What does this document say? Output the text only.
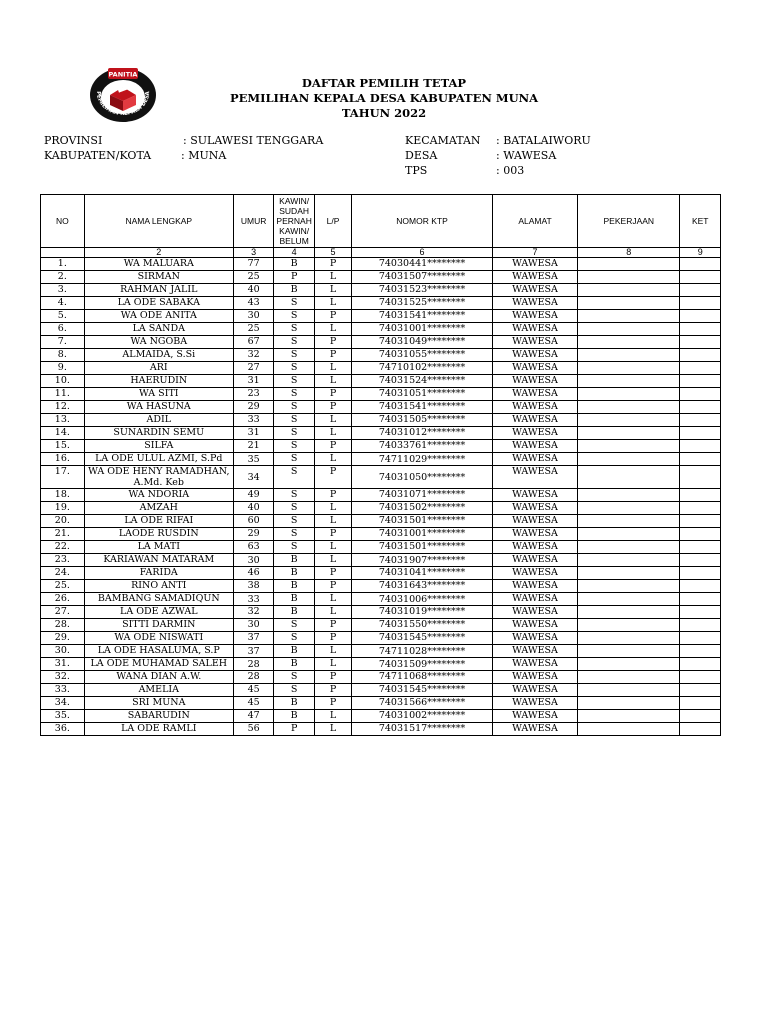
PANITIA
PEMILIHAN KEPALA DESA
DAFTAR PEMILIH TETAP
PEMILIHAN KEPALA DESA KABUPATEN MUNA
TAHUN 2022
PROVINSI	: SULAWESI TENGGARA
KABUPATEN/KOTA	: MUNA
KECAMATAN : BATALAIWORU
DESA	: WAWESA
TPS	: 003
NO	NAMA LENGKAP	UMUR	KAWIN/ SUDAH PERNAH KAWIN/ BELUM	L/P	NOMOR KTP	ALAMAT	PEKERJAAN	KET
	2	3	4	5	6	7	8	9
1.	WA MALUARA	77	B	P	74030441********	WAWESA		
2.	SIRMAN	25	P	L	74031507********	WAWESA		
3.	RAHMAN JALIL	40	B	L	74031523********	WAWESA		
4.	LA ODE SABAKA	43	S	L	74031525********	WAWESA		
5.	WA ODE ANITA	30	S	P	74031541********	WAWESA		
6.	LA SANDA	25	S	L	74031001********	WAWESA		
7.	WA NGOBA	67	S	P	74031049********	WAWESA		
8.	ALMAIDA, S.Si	32	S	P	74031055********	WAWESA		
9.	ARI	27	S	L	74710102********	WAWESA		
10.	HAERUDIN	31	S	L	74031524********	WAWESA		
11.	WA SITI	23	S	P	74031051********	WAWESA		
12.	WA HASUNA	29	S	P	74031541********	WAWESA		
13.	ADIL	33	S	L	74031505********	WAWESA		
14.	SUNARDIN SEMU	31	S	L	74031012********	WAWESA		
15.	SILFA	21	S	P	74033761********	WAWESA		
16.	LA ODE ULUL AZMI, S.Pd	35	S	L	74711029********	WAWESA		
17.	WA ODE HENY RAMADHAN, A.Md. Keb	34	S	P	74031050********	WAWESA		
18.	WA NDORIA	49	S	P	74031071********	WAWESA		
19.	AMZAH	40	S	L	74031502********	WAWESA		
20.	LA ODE RIFAI	60	S	L	74031501********	WAWESA		
21.	LAODE RUSDIN	29	S	P	74031001********	WAWESA		
22.	LA MATI	63	S	L	74031501********	WAWESA		
23.	KARIAWAN MATARAM	30	B	L	74031907********	WAWESA		
24.	FARIDA	46	B	P	74031041********	WAWESA		
25.	RINO ANTI	38	B	P	74031643********	WAWESA		
26.	BAMBANG SAMADIQUN	33	B	L	74031006********	WAWESA		
27.	LA ODE AZWAL	32	B	L	74031019********	WAWESA		
28.	SITTI DARMIN	30	S	P	74031550********	WAWESA		
29.	WA ODE NISWATI	37	S	P	74031545********	WAWESA		
30.	LA ODE HASALUMA, S.P	37	B	L	74711028********	WAWESA		
31.	LA ODE MUHAMAD SALEH	28	B	L	74031509********	WAWESA		
32.	WANA DIAN A.W.	28	S	P	74711068********	WAWESA		
33.	AMELIA	45	S	P	74031545********	WAWESA		
34.	SRI MUNA	45	B	P	74031566********	WAWESA		
35.	SABARUDIN	47	B	L	74031002********	WAWESA		
36.	LA ODE RAMLI	56	P	L	74031517********	WAWESA		
